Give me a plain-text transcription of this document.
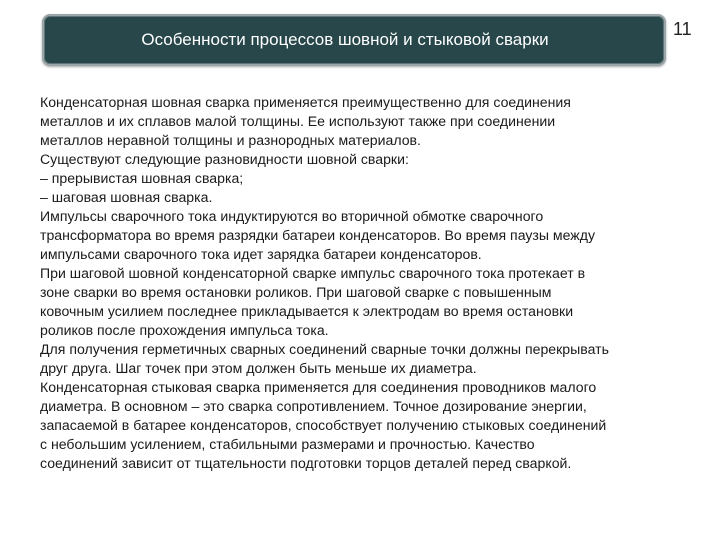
Особенности процессов шовной и стыковой сварки
11
Конденсаторная шовная сварка применяется преимущественно для соединения
металлов и их сплавов малой толщины. Ее используют также при соединении
металлов неравной толщины и разнородных материалов.
Существуют следующие разновидности шовной сварки:
– прерывистая шовная сварка;
– шаговая шовная сварка.
Импульсы сварочного тока индуктируются во вторичной обмотке сварочного
трансформатора во время разрядки батареи конденсаторов. Во время паузы между
импульсами сварочного тока идет зарядка батареи конденсаторов.
При шаговой шовной конденсаторной сварке импульс сварочного тока протекает в
зоне сварки во время остановки роликов. При шаговой сварке с повышенным
ковочным усилием последнее прикладывается к электродам во время остановки
роликов после прохождения импульса тока.
Для получения герметичных сварных соединений сварные точки должны перекрывать
друг друга. Шаг точек при этом должен быть меньше их диаметра.
Конденсаторная стыковая сварка применяется для соединения проводников малого
диаметра. В основном – это сварка сопротивлением. Точное дозирование энергии,
запасаемой в батарее конденсаторов, способствует получению стыковых соединений
с небольшим усилением, стабильными размерами и прочностью. Качество
соединений зависит от тщательности подготовки торцов деталей перед сваркой.
